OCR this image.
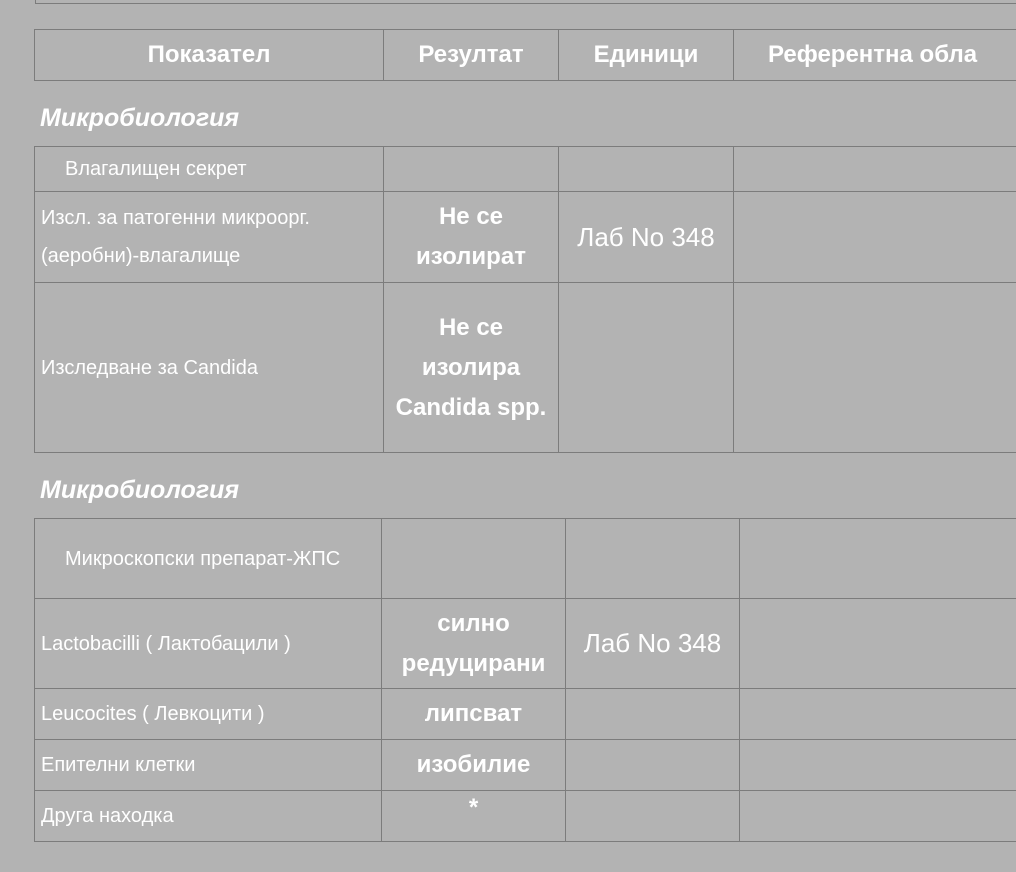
Показател	Резултат	Единици	Референтна обла
Микробиология
Влагалищен секрет			
Изсл. за патогенни микроорг. (аеробни)-влагалище	Не се изолират	Лаб No 348	
Изследване за Candida	Не се изолира Candida spp.		
Микробиология
Микроскопски препарат-ЖПС			
Lactobacilli ( Лактобацили )	силно редуцирани	Лаб No 348	
Leucocites ( Левкоцити )	липсват		
Епителни клетки	изобилие		
Друга находка	*		
